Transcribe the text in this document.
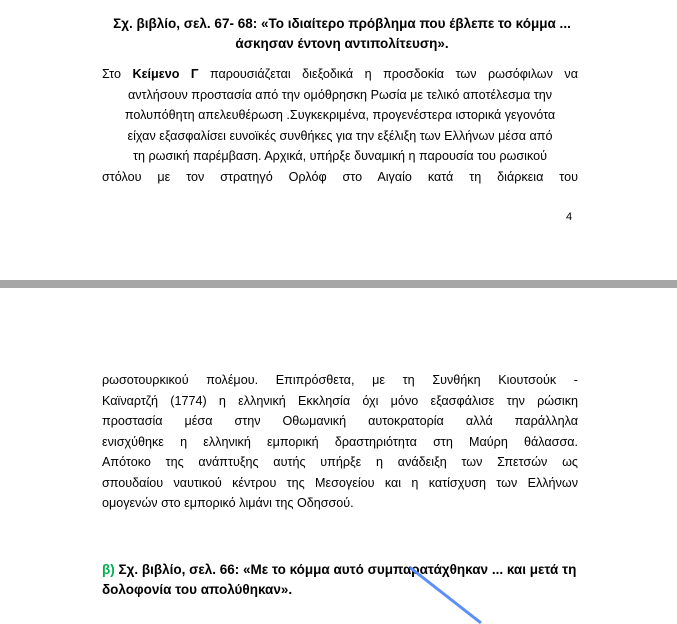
Σχ. βιβλίο, σελ. 67- 68: «Το ιδιαίτερο πρόβλημα που έβλεπε το κόμμα ...
άσκησαν έντονη αντιπολίτευση».

Στο Κείμενο Γ παρουσιάζεται διεξοδικά η προσδοκία των ρωσόφιλων να
αντλήσουν προστασία από την ομόθρησκη Ρωσία με τελικό αποτέλεσμα την
πολυπόθητη απελευθέρωση .Συγκεκριμένα, προγενέστερα ιστορικά γεγονότα
είχαν εξασφαλίσει ευνοϊκές συνθήκες για την εξέλιξη των Ελλήνων μέσα από
τη ρωσική παρέμβαση. Αρχικά, υπήρξε δυναμική η παρουσία του ρωσικού
στόλου με τον στρατηγό Ορλόφ στο Αιγαίο κατά τη διάρκεια του
4
ρωσοτουρκικού πολέμου. Επιπρόσθετα, με τη Συνθήκη Κιουτσούκ -
Καϊναρτζή (1774) η ελληνική Εκκλησία όχι μόνο εξασφάλισε την ρώσικη
προστασία μέσα στην Οθωμανική αυτοκρατορία αλλά παράλληλα
ενισχύθηκε η ελληνική εμπορική δραστηριότητα στη Μαύρη θάλασσα.
Απότοκο της ανάπτυξης αυτής υπήρξε η ανάδειξη των Σπετσών ως
σπουδαίου ναυτικού κέντρου της Μεσογείου και η κατίσχυση των Ελλήνων
ομογενών στο εμπορικό λιμάνι της Οδησσού.

β) Σχ. βιβλίο, σελ. 66: «Με το κόμμα αυτό συμπαρατάχθηκαν ... και μετά τη
δολοφονία του απολύθηκαν».
